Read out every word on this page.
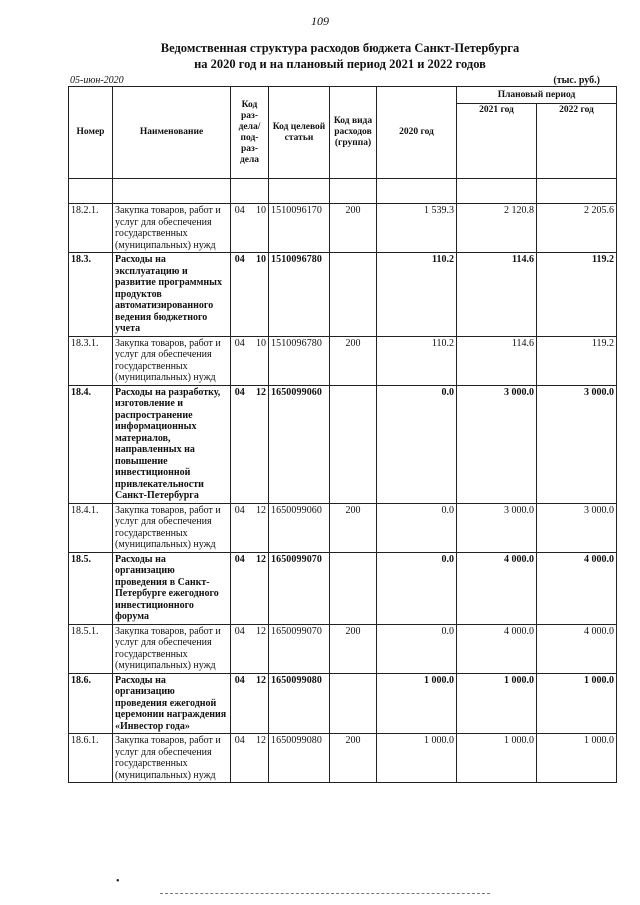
109
Ведомственная структура расходов бюджета Санкт-Петербурга
на 2020 год и на плановый период 2021 и 2022 годов
05-июн-2020	(тыс. руб.)
Номер	Наименование	Код раз- дела/ под- раз- дела		Код целевой статьи	Код вида расходов (группа)	2020 год	Плановый период	
							2021 год	2022 год

18.2.1.	Закупка товаров, работ и услуг для обеспечения государственных (муниципальных) нужд	04	10	1510096170	200	1 539.3	2 120.8	2 205.6
18.3.	Расходы на эксплуатацию и развитие программных продуктов автоматизированного ведения бюджетного учета	04	10	1510096780		110.2	114.6	119.2
18.3.1.	Закупка товаров, работ и услуг для обеспечения государственных (муниципальных) нужд	04	10	1510096780	200	110.2	114.6	119.2
18.4.	Расходы на разработку, изготовление и распространение информационных материалов, направленных на повышение инвестиционной привлекательности Санкт-Петербурга	04	12	1650099060		0.0	3 000.0	3 000.0
18.4.1.	Закупка товаров, работ и услуг для обеспечения государственных (муниципальных) нужд	04	12	1650099060	200	0.0	3 000.0	3 000.0
18.5.	Расходы на организацию проведения в Санкт-Петербурге ежегодного инвестиционного форума	04	12	1650099070		0.0	4 000.0	4 000.0
18.5.1.	Закупка товаров, работ и услуг для обеспечения государственных (муниципальных) нужд	04	12	1650099070	200	0.0	4 000.0	4 000.0
18.6.	Расходы на организацию проведения ежегодной церемонии награждения «Инвестор года»	04	12	1650099080		1 000.0	1 000.0	1 000.0
18.6.1.	Закупка товаров, работ и услуг для обеспечения государственных (муниципальных) нужд	04	12	1650099080	200	1 000.0	1 000.0	1 000.0
•
